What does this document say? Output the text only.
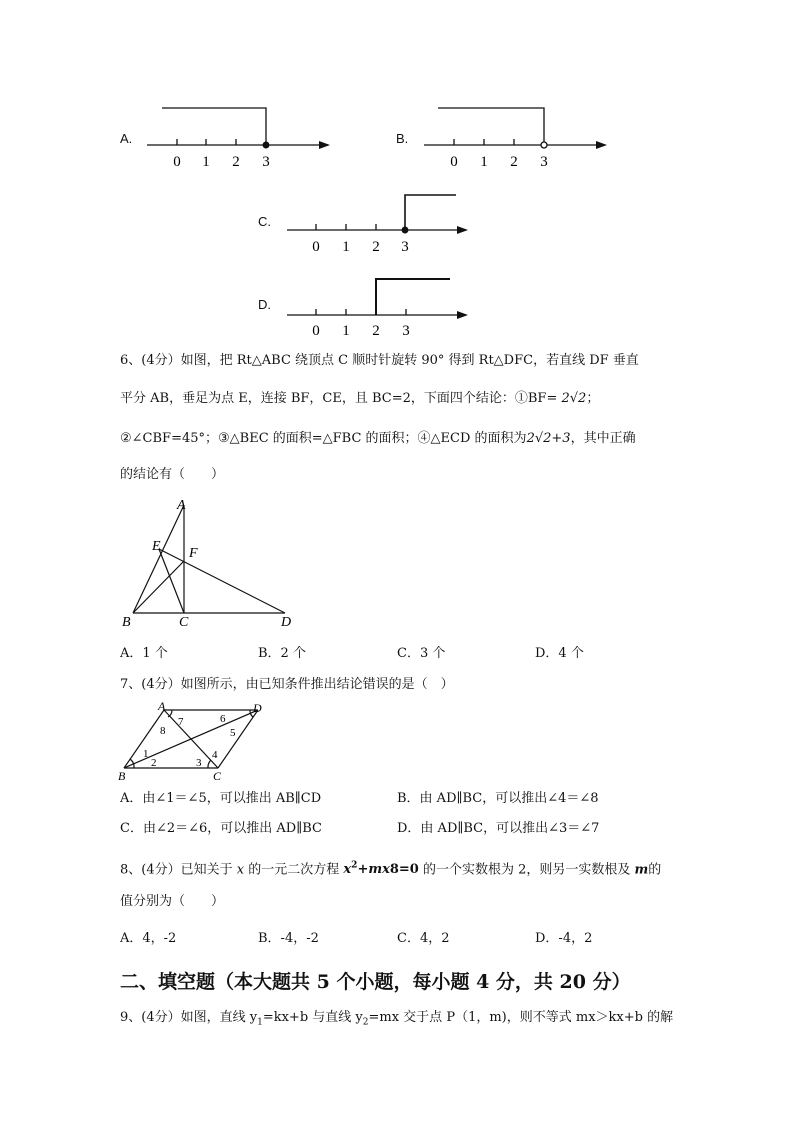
A.	B.
C.
D.
0 1 2 3	0 1 2 3
0 1 2 3
0 1 2 3
6、(4分）如图，把 Rt△ABC 绕顶点 C 顺时针旋转 90° 得到 Rt△DFC，若直线 DF 垂直
平分 AB，垂足为点 E，连接 BF，CE，且 BC=2，下面四个结论：①BF= 2√2；
②∠CBF=45°；③△BEC 的面积=△FBC 的面积；④△ECD 的面积为2√2+3，其中正确
的结论有（　　）
A
E F
B	C	D
A．1 个	B．2 个	C．3 个	D．4 个
7、(4分）如图所示，由已知条件推出结论错误的是（　）
A	D
B	C
1
2	3
4
5
6
7
8
A．由∠1＝∠5，可以推出 AB∥CD	B．由 AD∥BC，可以推出∠4＝∠8
C．由∠2＝∠6，可以推出 AD∥BC	D．由 AD∥BC，可以推出∠3＝∠7
8、(4分）已知关于 x 的一元二次方程 $x^2+mx8=0$ 的一个实数根为 2，则另一实数根及 m的
值分别为（　　）
A．4，-2	B．-4，-2	C．4，2	D．-4，2
二、填空题（本大题共 5 个小题，每小题 4 分，共 20 分）
9、(4分）如图，直线 $y_1=kx+b$ 与直线 $y_2=mx$ 交于点 P（1，m)，则不等式 mx＞kx+b 的解
